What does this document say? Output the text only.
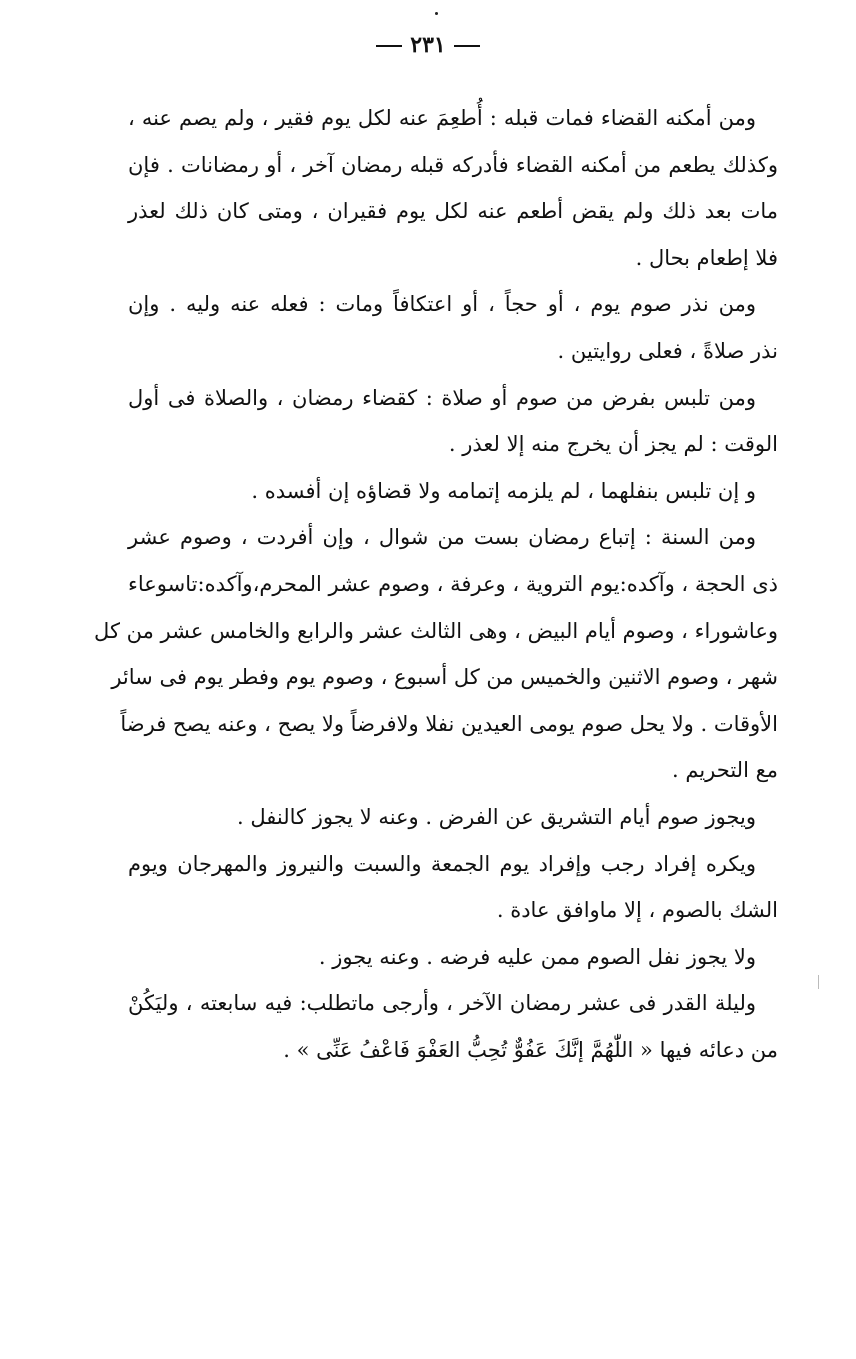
٢٣١
ومن أمكنه القضاء فمات قبله : أُطعِمَ عنه لكل يوم فقير ، ولم يصم عنه ،
وكذلك يطعم من أمكنه القضاء فأدركه قبله رمضان آخر ، أو رمضانات . فإن
مات بعد ذلك ولم يقض أطعم عنه لكل يوم فقيران ، ومتى كان ذلك لعذر
فلا إطعام بحال .
ومن نذر صوم يوم ، أو حجاً ، أو اعتكافاً ومات : فعله عنه وليه . وإن
نذر صلاةً ، فعلى روايتين .
ومن تلبس بفرض من صوم أو صلاة : كقضاء رمضان ، والصلاة فى أول
الوقت : لم يجز أن يخرج منه إلا لعذر .
و إن تلبس بنفلهما ، لم يلزمه إتمامه ولا قضاؤه إن أفسده .
ومن السنة : إتباع رمضان بست من شوال ، وإن أفردت ، وصوم عشر
ذى الحجة ، وآكده:يوم التروية ، وعرفة ، وصوم عشر المحرم،وآكده:تاسوعاء
وعاشوراء ، وصوم أيام البيض ، وهى الثالث عشر والرابع والخامس عشر من كل
شهر ، وصوم الاثنين والخميس من كل أسبوع ، وصوم يوم وفطر يوم فى سائر
الأوقات . ولا يحل صوم يومى العيدين نفلا ولافرضاً ولا يصح ، وعنه يصح فرضاً
مع التحريم .
ويجوز صوم أيام التشريق عن الفرض . وعنه لا يجوز كالنفل .
ويكره إفراد رجب وإفراد يوم الجمعة والسبت والنيروز والمهرجان ويوم
الشك بالصوم ، إلا ماوافق عادة .
ولا يجوز نفل الصوم ممن عليه فرضه . وعنه يجوز .
وليلة القدر فى عشر رمضان الآخر ، وأرجى ماتطلب: فيه سابعته ، وليَكُنْ
من دعائه فيها « اللّٰهُمَّ إنَّكَ عَفُوٌّ تُحِبُّ العَفْوَ فَاعْفُ عَنِّى » .
